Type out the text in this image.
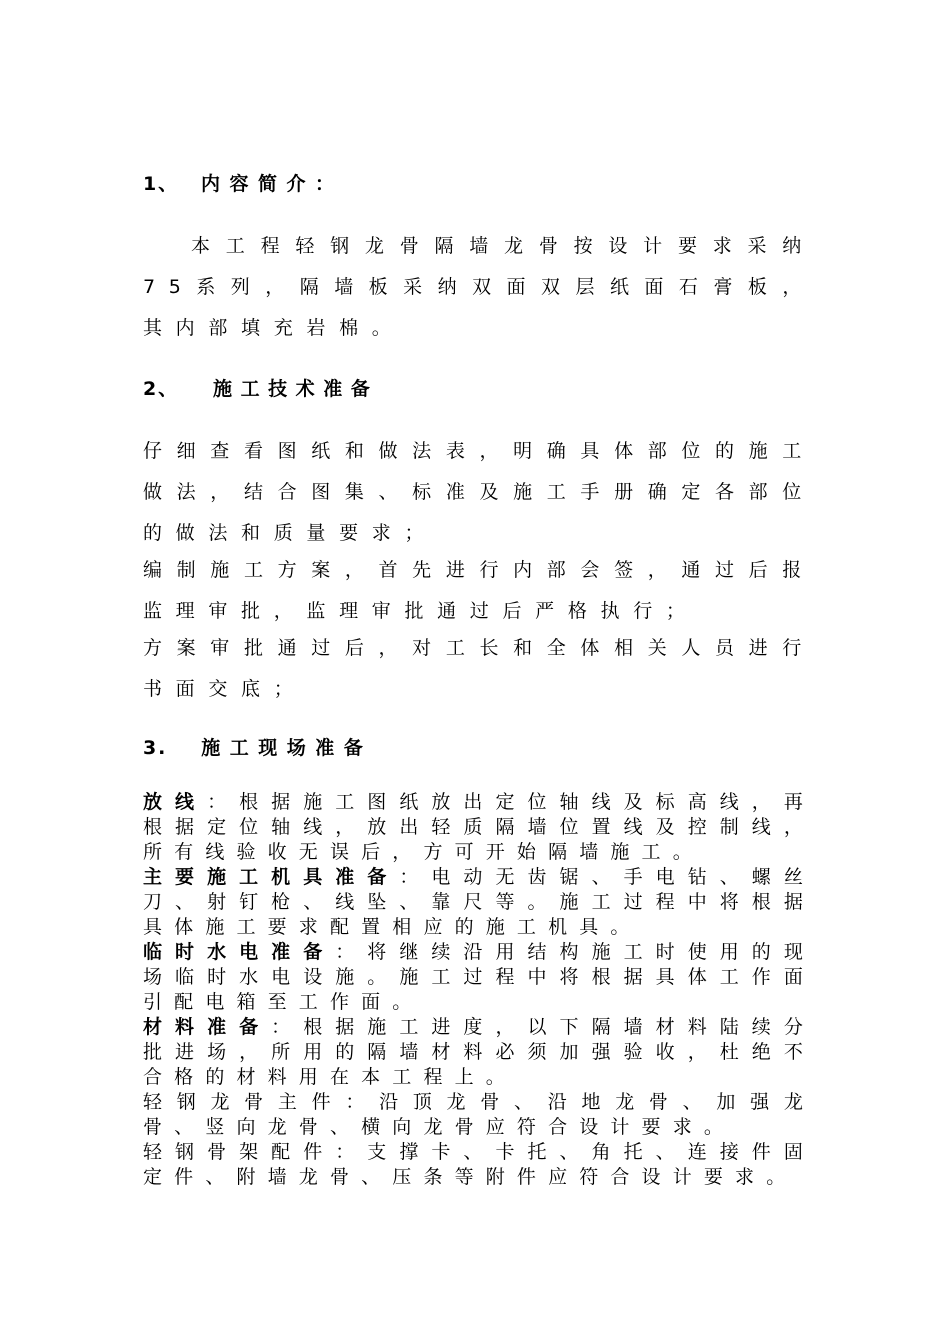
1、 内容简介：

本工程轻钢龙骨隔墙龙骨按设计要求采纳75系列，隔墙板采纳双面双层纸面石膏板，其内部填充岩棉。

2、 施工技术准备

仔细查看图纸和做法表，明确具体部位的施工做法，结合图集、标准及施工手册确定各部位的做法和质量要求；

编制施工方案，首先进行内部会签，通过后报监理审批，监理审批通过后严格执行；

方案审批通过后，对工长和全体相关人员进行书面交底；

3. 施工现场准备

放线：根据施工图纸放出定位轴线及标高线，再根据定位轴线，放出轻质隔墙位置线及控制线，所有线验收无误后，方可开始隔墙施工。

主要施工机具准备：电动无齿锯、手电钻、螺丝刀、射钉枪、线坠、靠尺等。施工过程中将根据具体施工要求配置相应的施工机具。

临时水电准备：将继续沿用结构施工时使用的现场临时水电设施。施工过程中将根据具体工作面引配电箱至工作面。

材料准备：根据施工进度，以下隔墙材料陆续分批进场，所用的隔墙材料必须加强验收，杜绝不合格的材料用在本工程上。

轻钢龙骨主件：沿顶龙骨、沿地龙骨、加强龙骨、竖向龙骨、横向龙骨应符合设计要求。

轻钢骨架配件：支撑卡、卡托、角托、连接件固定件、附墙龙骨、压条等附件应符合设计要求。
